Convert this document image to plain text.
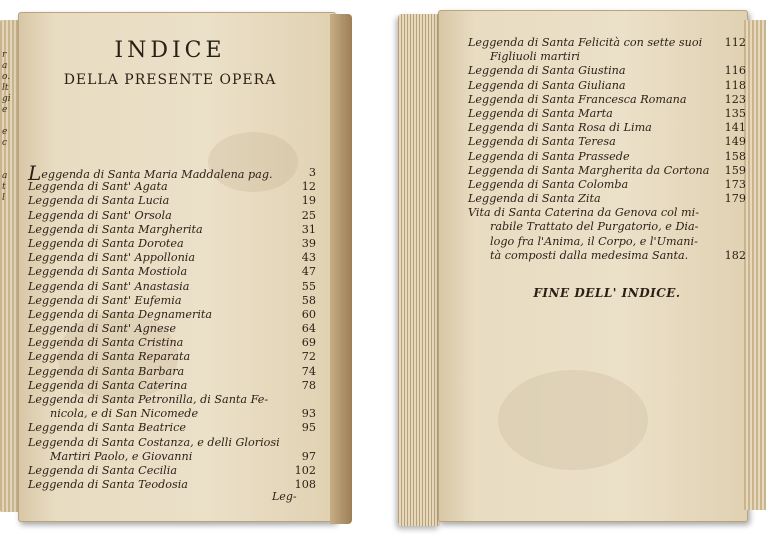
r
a
o.
lt
gi
e
e
c
a
t
l
INDICE
DELLA PRESENTE OPERA
Leggenda di Santa Maria Maddalena pag.	3
Leggenda di Sant' Agata	12
Leggenda di Santa Lucia	19
Leggenda di Sant' Orsola	25
Leggenda di Santa Margherita	31
Leggenda di Santa Dorotea	39
Leggenda di Sant' Appollonia	43
Leggenda di Santa Mostiola	47
Leggenda di Sant' Anastasia	55
Leggenda di Sant' Eufemia	58
Leggenda di Santa Degnamerita	60
Leggenda di Sant' Agnese	64
Leggenda di Santa Cristina	69
Leggenda di Santa Reparata	72
Leggenda di Santa Barbara	74
Leggenda di Santa Caterina	78
Leggenda di Santa Petronilla, di Santa Fe-
nicola, e di San Nicomede	93
Leggenda di Santa Beatrice	95
Leggenda di Santa Costanza, e delli Gloriosi
Martiri Paolo, e Giovanni	97
Leggenda di Santa Cecilia	102
Leggenda di Santa Teodosia	108
Leg-
Leggenda di Santa Felicità con sette suoi 112
Figliuoli martiri
Leggenda di Santa Giustina	116
Leggenda di Santa Giuliana	118
Leggenda di Santa Francesca Romana	123
Leggenda di Santa Marta	135
Leggenda di Santa Rosa di Lima	141
Leggenda di Santa Teresa	149
Leggenda di Santa Prassede	158
Leggenda di Santa Margherita da Cortona 159
Leggenda di Santa Colomba	173
Leggenda di Santa Zita	179
Vita di Santa Caterina da Genova col mi-
rabile Trattato del Purgatorio, e Dia-
logo fra l'Anima, il Corpo, e l'Umani-
tà composti dalla medesima Santa.	182
FINE DELL' INDICE.
